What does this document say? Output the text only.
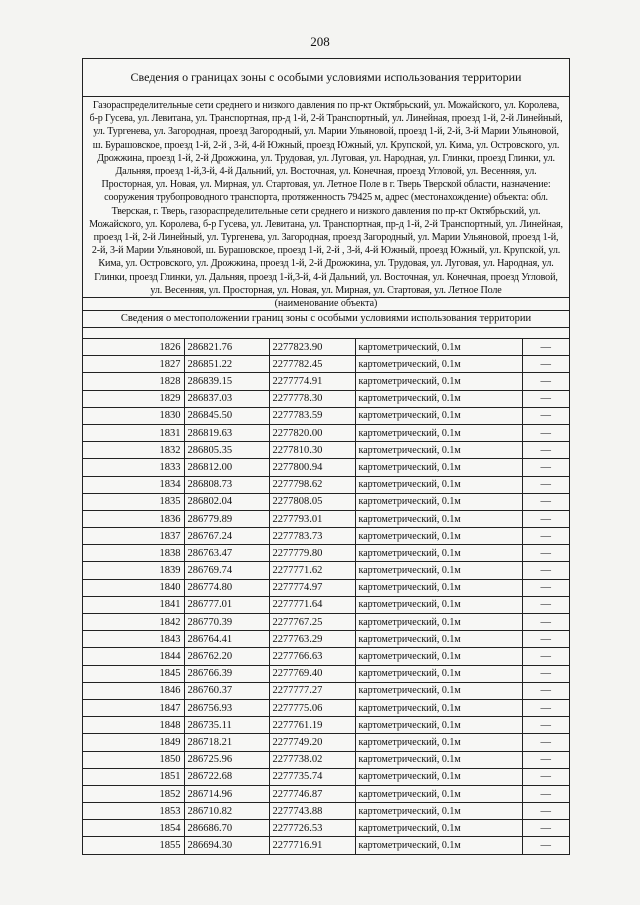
208
Сведения о границах зоны с особыми условиями использования территории
Газораспределительные сети среднего и низкого давления по пр-кт Октябрьский, ул. Можайского, ул. Королева, б-р Гусева, ул. Левитана, ул. Транспортная, пр-д 1-й, 2-й Транспортный, ул. Линейная, проезд 1-й, 2-й Линейный, ул. Тургенева, ул. Загородная, проезд Загородный, ул. Марии Ульяновой, проезд 1-й, 2-й, 3-й Марии Ульяновой, ш. Бурашовское, проезд 1-й, 2-й , 3-й, 4-й Южный, проезд Южный, ул. Крупской, ул. Кима, ул. Островского, ул. Дрожжина, проезд 1-й, 2-й Дрожжина, ул. Трудовая, ул. Луговая, ул. Народная, ул. Глинки, проезд Глинки, ул. Дальняя, проезд 1-й,3-й, 4-й Дальний, ул. Восточная, ул. Конечная, проезд Угловой, ул. Весенняя, ул. Просторная, ул. Новая, ул. Мирная, ул. Стартовая, ул. Летное Поле в г. Тверь Тверской области, назначение: сооружения трубопроводного транспорта, протяженность 79425 м, адрес (местонахождение) объекта: обл. Тверская, г. Тверь, газораспределительные сети среднего и низкого давления по пр-кт Октябрьский, ул. Можайского, ул. Королева, б-р Гусева, ул. Левитана, ул. Транспортная, пр-д 1-й, 2-й Транспортный, ул. Линейная, проезд 1-й, 2-й Линейный, ул. Тургенева, ул. Загородная, проезд Загородный, ул. Марии Ульяновой, проезд 1-й, 2-й, 3-й Марии Ульяновой, ш. Бурашовское, проезд 1-й, 2-й , 3-й, 4-й Южный, проезд Южный, ул. Крупской, ул. Кима, ул. Островского, ул. Дрожжина, проезд 1-й, 2-й Дрожжина, ул. Трудовая, ул. Луговая, ул. Народная, ул. Глинки, проезд Глинки, ул. Дальняя, проезд 1-й,3-й, 4-й Дальний, ул. Восточная, ул. Конечная, проезд Угловой, ул. Весенняя, ул. Просторная, ул. Новая, ул. Мирная, ул. Стартовая, ул. Летное Поле
(наименование объекта)
Сведения о местоположении границ зоны с особыми условиями использования территории
1826	286821.76	2277823.90	картометрический, 0.1м	—
1827	286851.22	2277782.45	картометрический, 0.1м	—
1828	286839.15	2277774.91	картометрический, 0.1м	—
1829	286837.03	2277778.30	картометрический, 0.1м	—
1830	286845.50	2277783.59	картометрический, 0.1м	—
1831	286819.63	2277820.00	картометрический, 0.1м	—
1832	286805.35	2277810.30	картометрический, 0.1м	—
1833	286812.00	2277800.94	картометрический, 0.1м	—
1834	286808.73	2277798.62	картометрический, 0.1м	—
1835	286802.04	2277808.05	картометрический, 0.1м	—
1836	286779.89	2277793.01	картометрический, 0.1м	—
1837	286767.24	2277783.73	картометрический, 0.1м	—
1838	286763.47	2277779.80	картометрический, 0.1м	—
1839	286769.74	2277771.62	картометрический, 0.1м	—
1840	286774.80	2277774.97	картометрический, 0.1м	—
1841	286777.01	2277771.64	картометрический, 0.1м	—
1842	286770.39	2277767.25	картометрический, 0.1м	—
1843	286764.41	2277763.29	картометрический, 0.1м	—
1844	286762.20	2277766.63	картометрический, 0.1м	—
1845	286766.39	2277769.40	картометрический, 0.1м	—
1846	286760.37	2277777.27	картометрический, 0.1м	—
1847	286756.93	2277775.06	картометрический, 0.1м	—
1848	286735.11	2277761.19	картометрический, 0.1м	—
1849	286718.21	2277749.20	картометрический, 0.1м	—
1850	286725.96	2277738.02	картометрический, 0.1м	—
1851	286722.68	2277735.74	картометрический, 0.1м	—
1852	286714.96	2277746.87	картометрический, 0.1м	—
1853	286710.82	2277743.88	картометрический, 0.1м	—
1854	286686.70	2277726.53	картометрический, 0.1м	—
1855	286694.30	2277716.91	картометрический, 0.1м	—
